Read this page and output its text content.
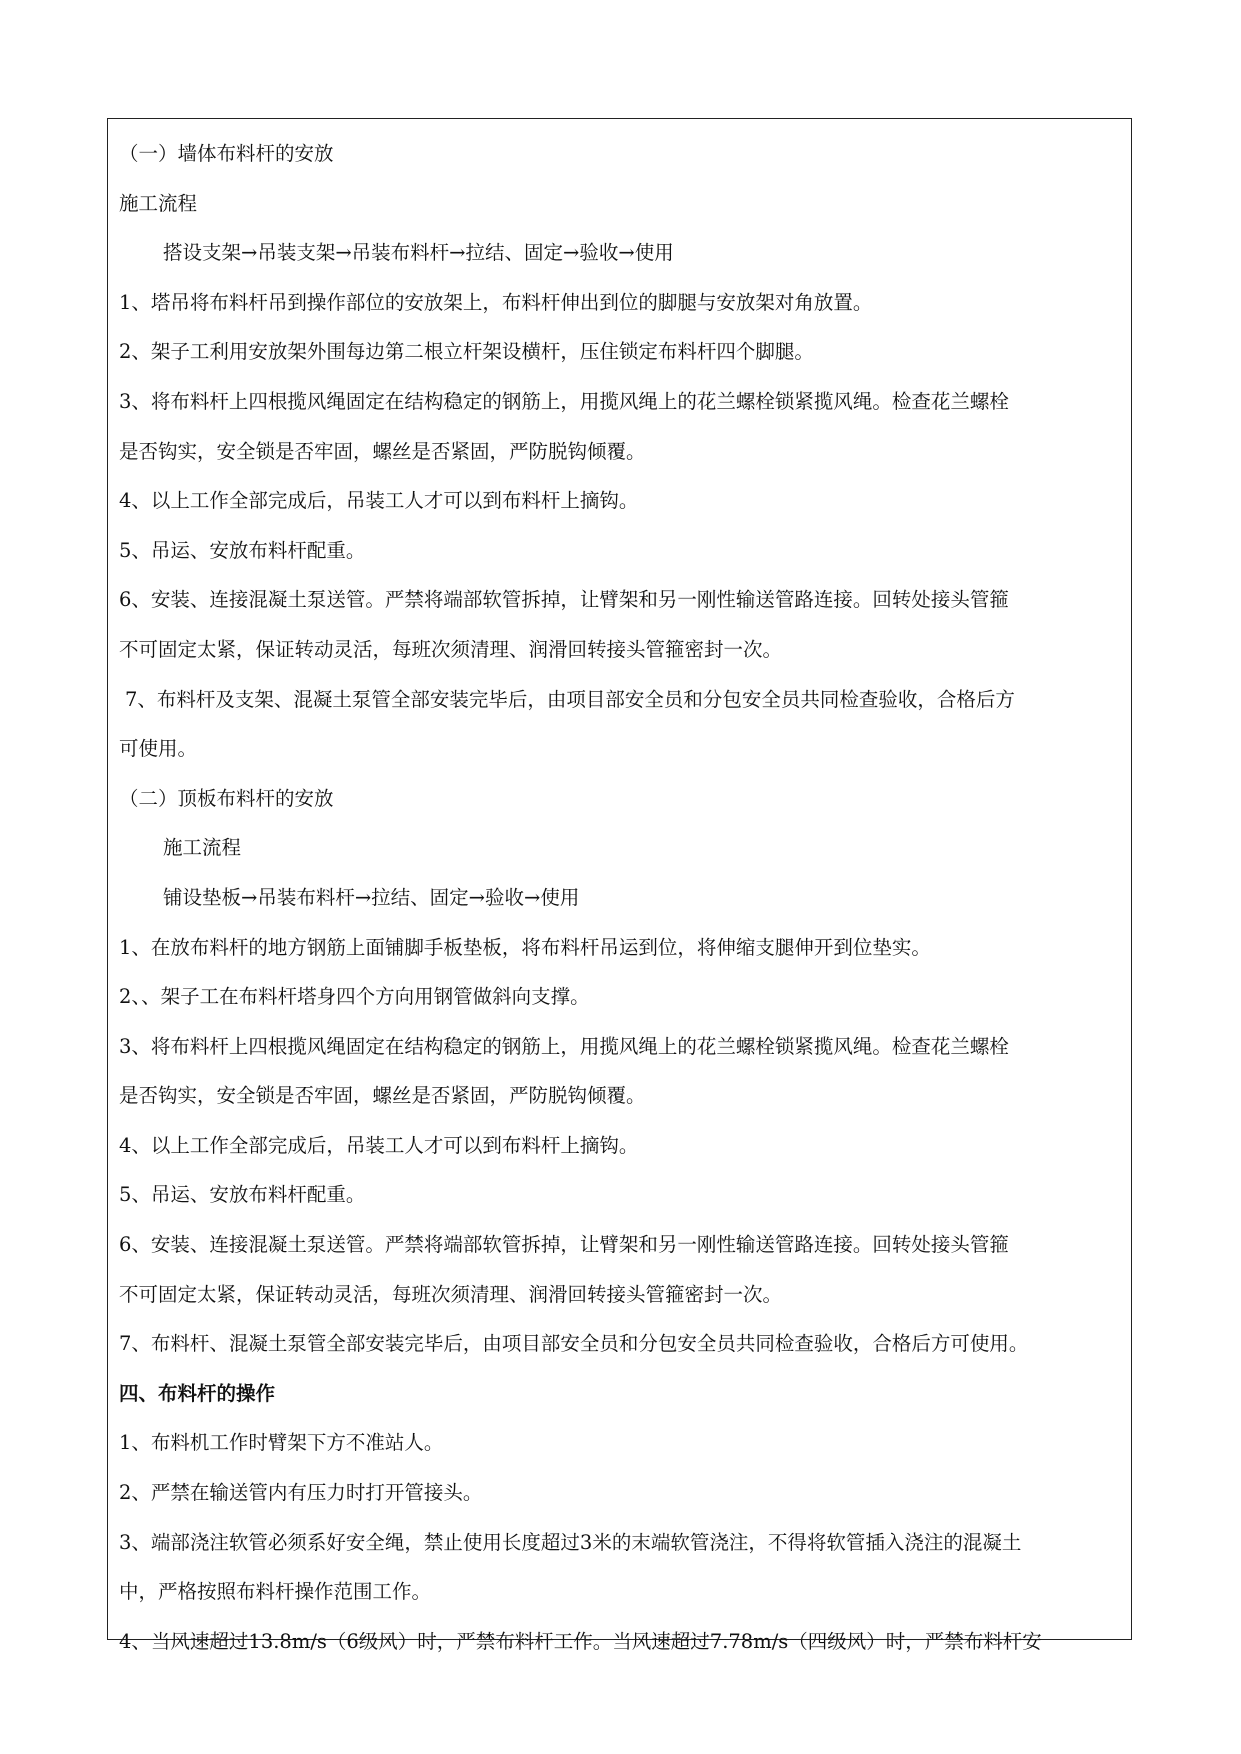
（一）墙体布料杆的安放
施工流程
搭设支架→吊装支架→吊装布料杆→拉结、固定→验收→使用
1、塔吊将布料杆吊到操作部位的安放架上，布料杆伸出到位的脚腿与安放架对角放置。
2、架子工利用安放架外围每边第二根立杆架设横杆，压住锁定布料杆四个脚腿。
3、将布料杆上四根揽风绳固定在结构稳定的钢筋上，用揽风绳上的花兰螺栓锁紧揽风绳。检查花兰螺栓
是否钩实，安全锁是否牢固，螺丝是否紧固，严防脱钩倾覆。
4、以上工作全部完成后，吊装工人才可以到布料杆上摘钩。
5、吊运、安放布料杆配重。
6、安装、连接混凝土泵送管。严禁将端部软管拆掉，让臂架和另一刚性输送管路连接。回转处接头管箍
不可固定太紧，保证转动灵活，每班次须清理、润滑回转接头管箍密封一次。
7、布料杆及支架、混凝土泵管全部安装完毕后，由项目部安全员和分包安全员共同检查验收，合格后方
可使用。
（二）顶板布料杆的安放
施工流程
铺设垫板→吊装布料杆→拉结、固定→验收→使用
1、在放布料杆的地方钢筋上面铺脚手板垫板，将布料杆吊运到位，将伸缩支腿伸开到位垫实。
2、、架子工在布料杆塔身四个方向用钢管做斜向支撑。
3、将布料杆上四根揽风绳固定在结构稳定的钢筋上，用揽风绳上的花兰螺栓锁紧揽风绳。检查花兰螺栓
是否钩实，安全锁是否牢固，螺丝是否紧固，严防脱钩倾覆。
4、以上工作全部完成后，吊装工人才可以到布料杆上摘钩。
5、吊运、安放布料杆配重。
6、安装、连接混凝土泵送管。严禁将端部软管拆掉，让臂架和另一刚性输送管路连接。回转处接头管箍
不可固定太紧，保证转动灵活，每班次须清理、润滑回转接头管箍密封一次。
7、布料杆、混凝土泵管全部安装完毕后，由项目部安全员和分包安全员共同检查验收，合格后方可使用。
四、布料杆的操作
1、布料机工作时臂架下方不准站人。
2、严禁在输送管内有压力时打开管接头。
3、端部浇注软管必须系好安全绳，禁止使用长度超过3米的末端软管浇注，不得将软管插入浇注的混凝土
中，严格按照布料杆操作范围工作。
4、当风速超过13.8m/s（6级风）时，严禁布料杆工作。当风速超过7.78m/s（四级风）时，严禁布料杆安
